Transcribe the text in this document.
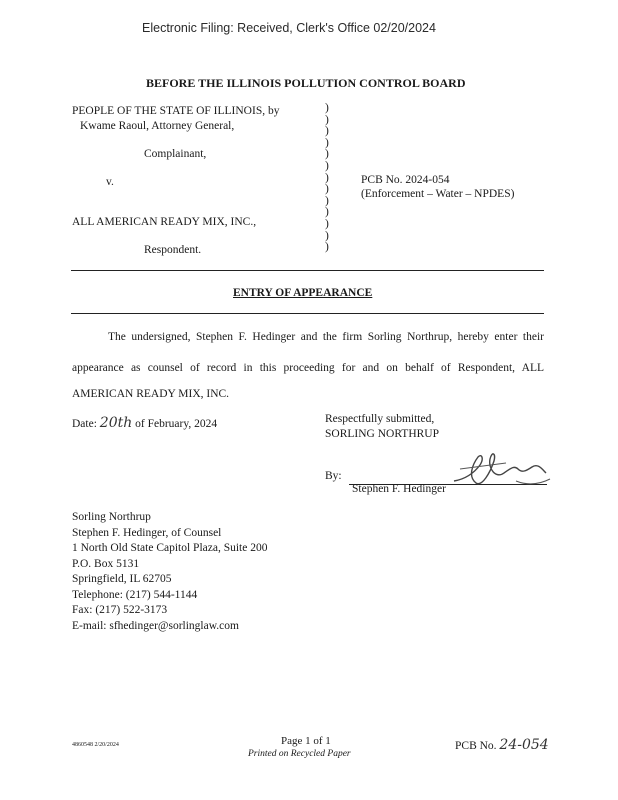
Electronic Filing: Received, Clerk's Office 02/20/2024
BEFORE THE ILLINOIS POLLUTION CONTROL BOARD
PEOPLE OF THE STATE OF ILLINOIS, by
Kwame Raoul, Attorney General,
Complainant,
v.
ALL AMERICAN READY MIX, INC.,
Respondent.
)
)
)
)
)
)
)
)
)
)
)
)
)
PCB No. 2024-054
(Enforcement – Water – NPDES)
ENTRY OF APPEARANCE
The undersigned, Stephen F. Hedinger and the firm Sorling Northrup, hereby enter their
appearance as counsel of record in this proceeding for and on behalf of Respondent, ALL
AMERICAN READY MIX, INC.
Date: 20th of February, 2024	Respectfully submitted,
SORLING NORTHRUP
By:
Stephen F. Hedinger
Sorling Northrup
Stephen F. Hedinger, of Counsel
1 North Old State Capitol Plaza, Suite 200
P.O. Box 5131
Springfield, IL 62705
Telephone: (217) 544-1144
Fax: (217) 522-3173
E-mail: sfhedinger@sorlinglaw.com
4860548 2/20/2024	Page 1 of 1
Printed on Recycled Paper
PCB No. 24-054
